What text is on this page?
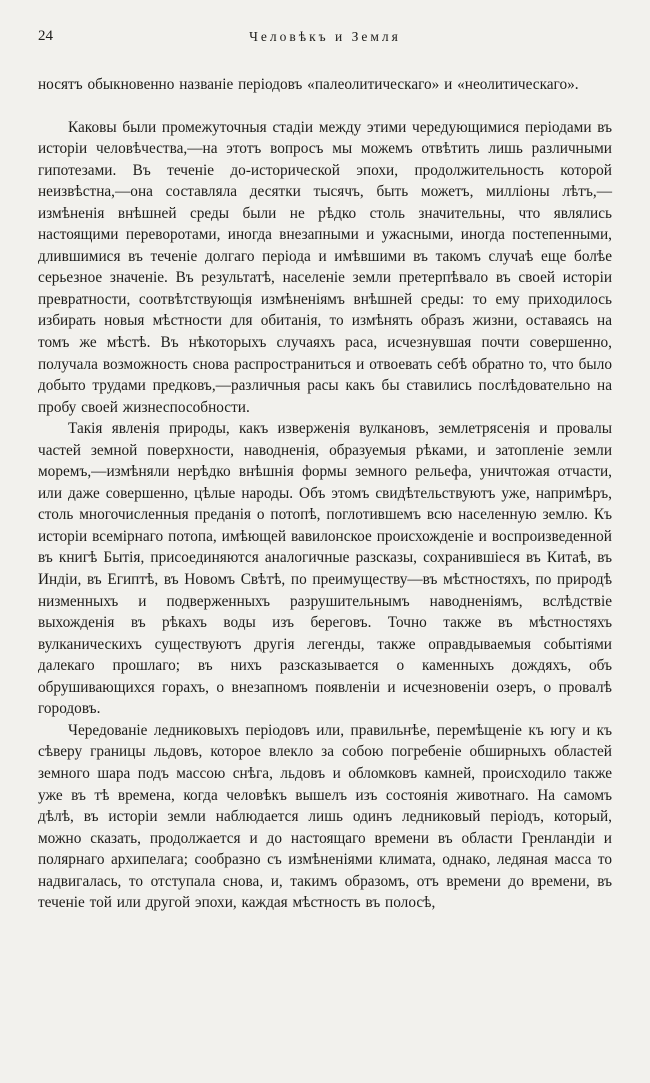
24	Человѣкъ и Земля

носятъ обыкновенно названіе періодовъ «палеолитическаго» и «неолитическаго».

Каковы были промежуточныя стадіи между этими чередующимися періодами въ исторіи человѣчества,—на этотъ вопросъ мы можемъ отвѣтить лишь различными гипотезами. Въ теченіе до-исторической эпохи, продолжительность которой неизвѣстна,—она составляла десятки тысячъ, быть можетъ, милліоны лѣтъ,—измѣненія внѣшней среды были не рѣдко столь значительны, что являлись настоящими переворотами, иногда внезапными и ужасными, иногда постепенными, длившимися въ теченіе долгаго періода и имѣвшими въ такомъ случаѣ еще болѣе серьезное значеніе. Въ результатѣ, населеніе земли претерпѣвало въ своей исторіи превратности, соотвѣтствующія измѣненіямъ внѣшней среды: то ему приходилось избирать новыя мѣстности для обитанія, то измѣнять образъ жизни, оставаясь на томъ же мѣстѣ. Въ нѣкоторыхъ случаяхъ раса, исчезнувшая почти совершенно, получала возможность снова распространиться и отвоевать себѣ обратно то, что было добыто трудами предковъ,—различныя расы какъ бы ставились послѣдовательно на пробу своей жизнеспособности.

Такія явленія природы, какъ изверженія вулкановъ, землетрясенія и провалы частей земной поверхности, наводненія, образуемыя рѣками, и затопленіе земли моремъ,—измѣняли нерѣдко внѣшнія формы земного рельефа, уничтожая отчасти, или даже совершенно, цѣлые народы. Объ этомъ свидѣтельствуютъ уже, напримѣръ, столь многочисленныя преданія о потопѣ, поглотившемъ всю населенную землю. Къ исторіи всемірнаго потопа, имѣющей вавилонское происхожденіе и воспроизведенной въ книгѣ Бытія, присоединяются аналогичные разсказы, сохранившіеся въ Китаѣ, въ Индіи, въ Египтѣ, въ Новомъ Свѣтѣ, по преимуществу—въ мѣстностяхъ, по природѣ низменныхъ и подверженныхъ разрушительнымъ наводненіямъ, вслѣдствіе выхожденія въ рѣкахъ воды изъ береговъ. Точно также въ мѣстностяхъ вулканическихъ существуютъ другія легенды, также оправдываемыя событіями далекаго прошлаго; въ нихъ разсказывается о каменныхъ дождяхъ, объ обрушивающихся горахъ, о внезапномъ появленіи и исчезновеніи озеръ, о провалѣ городовъ.

Чередованіе ледниковыхъ періодовъ или, правильнѣе, перемѣщеніе къ югу и къ сѣверу границы льдовъ, которое влекло за собою погребеніе обширныхъ областей земного шара подъ массою снѣга, льдовъ и обломковъ камней, происходило также уже въ тѣ времена, когда человѣкъ вышелъ изъ состоянія животнаго. На самомъ дѣлѣ, въ исторіи земли наблюдается лишь одинъ ледниковый періодъ, который, можно сказать, продолжается и до настоящаго времени въ области Гренландіи и полярнаго архипелага; сообразно съ измѣненіями климата, однако, ледяная масса то надвигалась, то отступала снова, и, такимъ образомъ, отъ времени до времени, въ теченіе той или другой эпохи, каждая мѣстность въ полосѣ,
